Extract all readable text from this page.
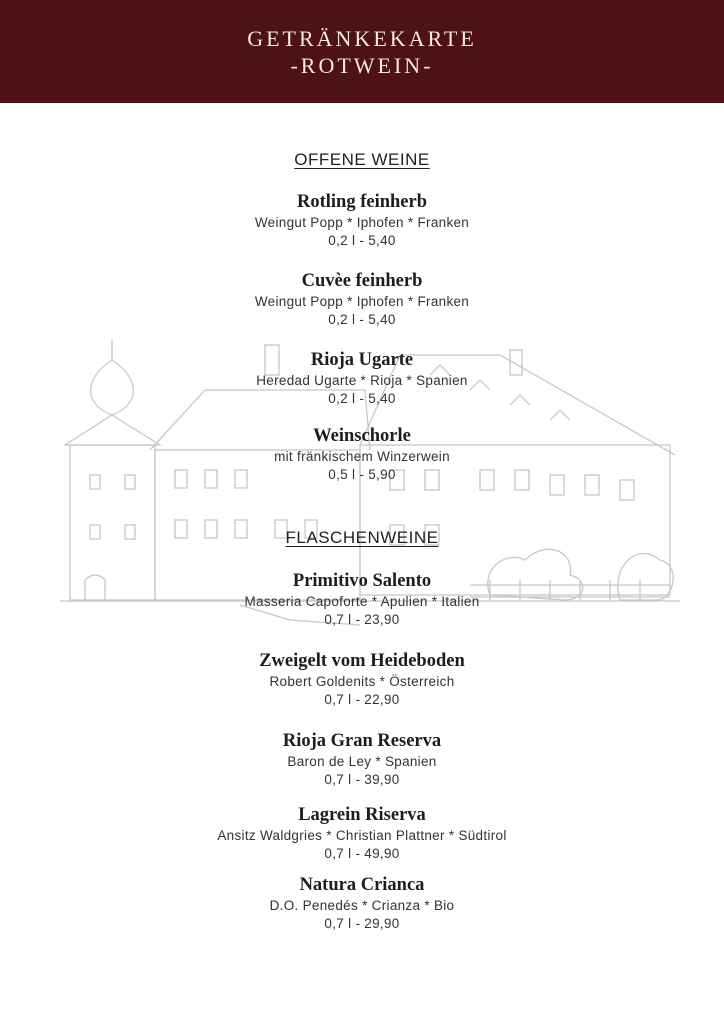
GETRÄNKEKARTE
-ROTWEIN-
OFFENE WEINE
Rotling feinherb
Weingut Popp * Iphofen * Franken
0,2 l - 5,40
Cuvèe feinherb
Weingut Popp * Iphofen * Franken
0,2 l - 5,40
Rioja Ugarte
Heredad Ugarte * Rioja * Spanien
0,2 l - 5,40
Weinschorle
mit fränkischem Winzerwein
0,5 l - 5,90
FLASCHENWEINE
Primitivo Salento
Masseria Capoforte * Apulien * Italien
0,7 l - 23,90
Zweigelt vom Heideboden
Robert Goldenits * Österreich
0,7 l - 22,90
Rioja Gran Reserva
Baron de Ley * Spanien
0,7 l - 39,90
Lagrein Riserva
Ansitz Waldgries * Christian Plattner * Südtirol
0,7 l - 49,90
Natura Crianca
D.O. Penedés * Crianza * Bio
0,7 l - 29,90
